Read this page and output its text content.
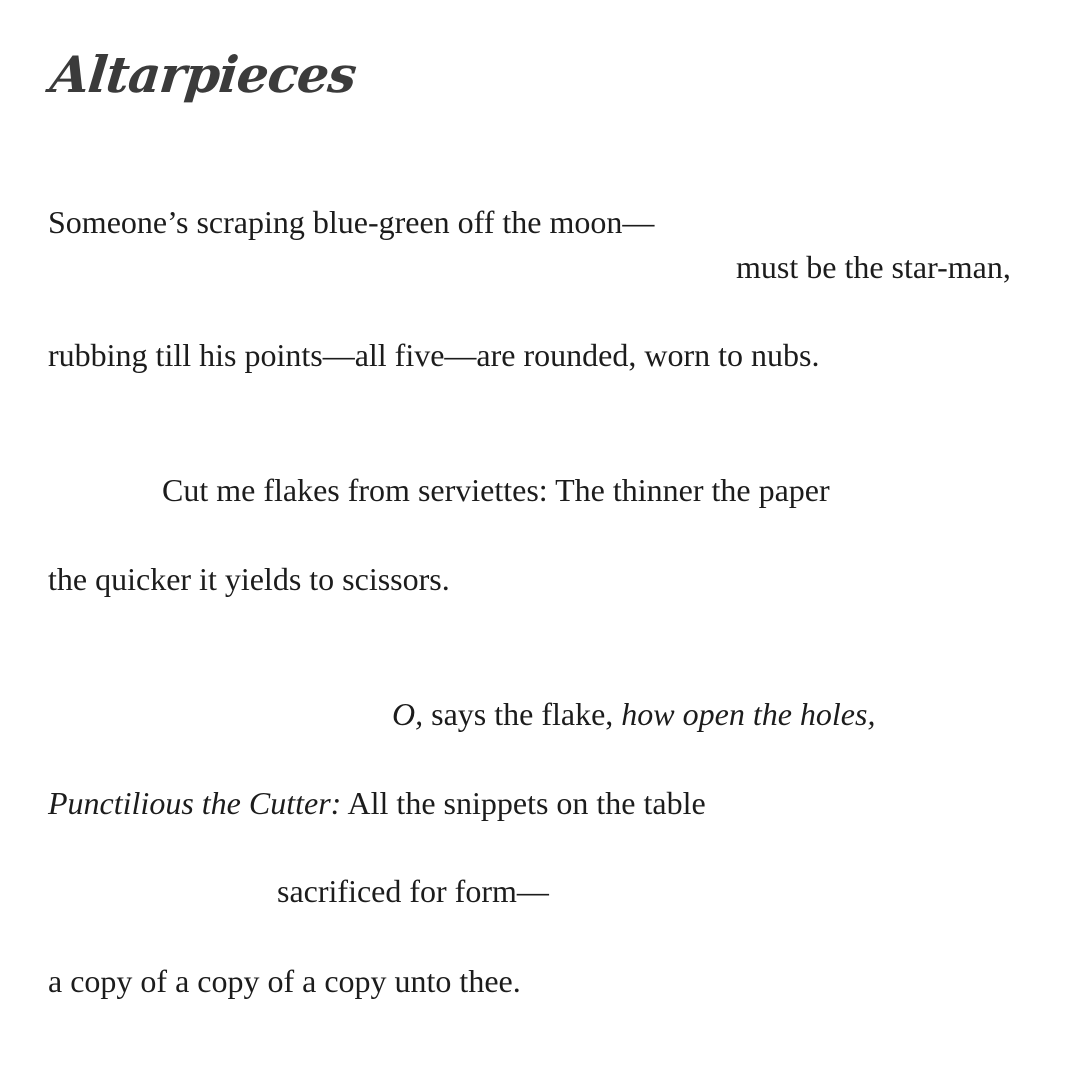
Altarpieces

Someone’s scraping blue-green off the moon—

must be the star-man,

rubbing till his points—all five—are rounded, worn to nubs.

Cut me flakes from serviettes: The thinner the paper

the quicker it yields to scissors.

O, says the flake, how open the holes,

Punctilious the Cutter: All the snippets on the table

sacrificed for form—

a copy of a copy of a copy unto thee.
